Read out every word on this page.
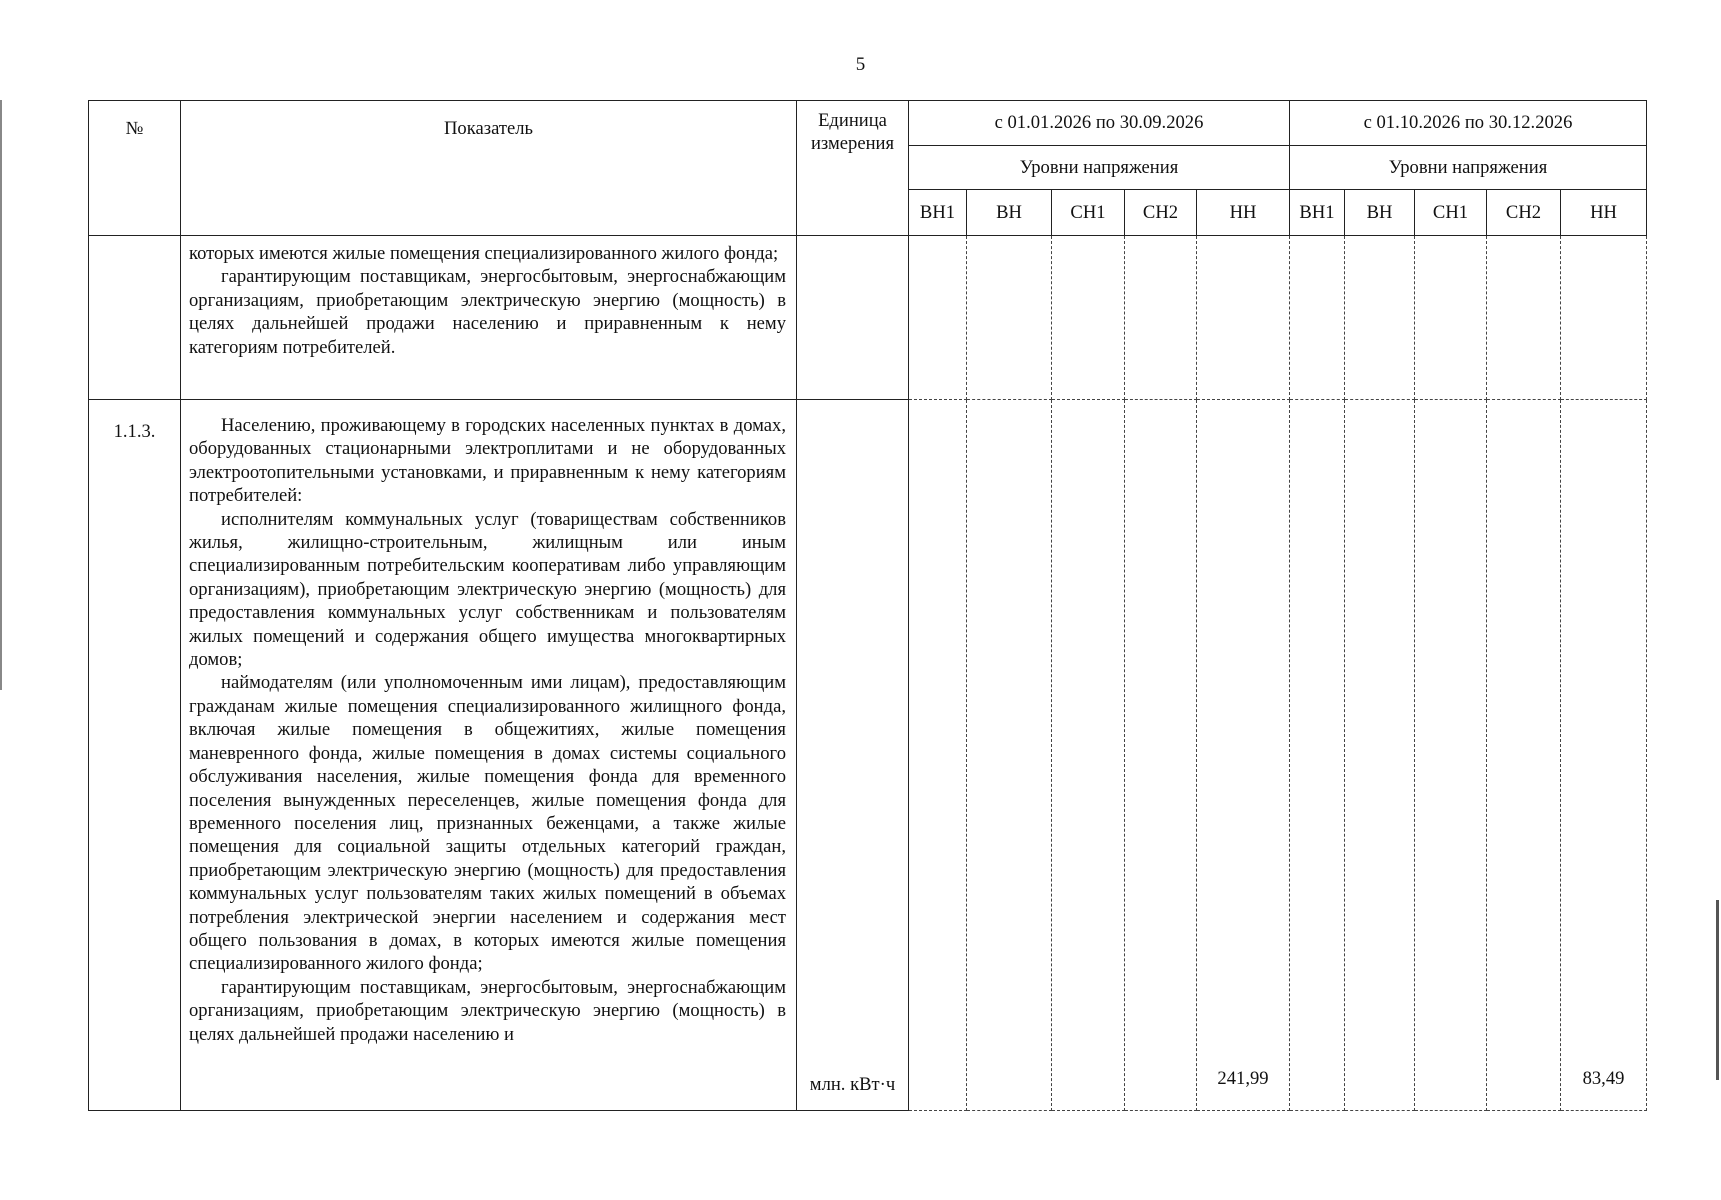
5
№	Показатель	Единица измерения	с 01.01.2026 по 30.09.2026					с 01.10.2026 по 30.12.2026				
			Уровни напряжения					Уровни напряжения				
			ВН1	ВН	СН1	СН2	НН	ВН1	ВН	СН1	СН2	НН

	которых имеются жилые помещения специализированного жилого фонда;
гарантирующим поставщикам, энергосбытовым, энергоснабжающим организациям, приобретающим электрическую энергию (мощность) в целях дальнейшей продажи населению и приравненным к нему категориям потребителей.											

1.1.3.	Населению, проживающему в городских населенных пунктах в домах, оборудованных стационарными электроплитами и не оборудованных электроотопительными установками, и приравненным к нему категориям потребителей:
исполнителям коммунальных услуг (товариществам собственников жилья, жилищно-строительным, жилищным или иным специализированным потребительским кооперативам либо управляющим организациям), приобретающим электрическую энергию (мощность) для предоставления коммунальных услуг собственникам и пользователям жилых помещений и содержания общего имущества многоквартирных домов;
наймодателям (или уполномоченным ими лицам), предоставляющим гражданам жилые помещения специализированного жилищного фонда, включая жилые помещения в общежитиях, жилые помещения маневренного фонда, жилые помещения в домах системы социального обслуживания населения, жилые помещения фонда для временного поселения вынужденных переселенцев, жилые помещения фонда для временного поселения лиц, признанных беженцами, а также жилые помещения для социальной защиты отдельных категорий граждан, приобретающим электрическую энергию (мощность) для предоставления коммунальных услуг пользователям таких жилых помещений в объемах потребления электрической энергии населением и содержания мест общего пользования в домах, в которых имеются жилые помещения специализированного жилого фонда;
гарантирующим поставщикам, энергосбытовым, энергоснабжающим организациям, приобретающим электрическую энергию (мощность) в целях дальнейшей продажи населению и	млн. кВт·ч					241,99					83,49
